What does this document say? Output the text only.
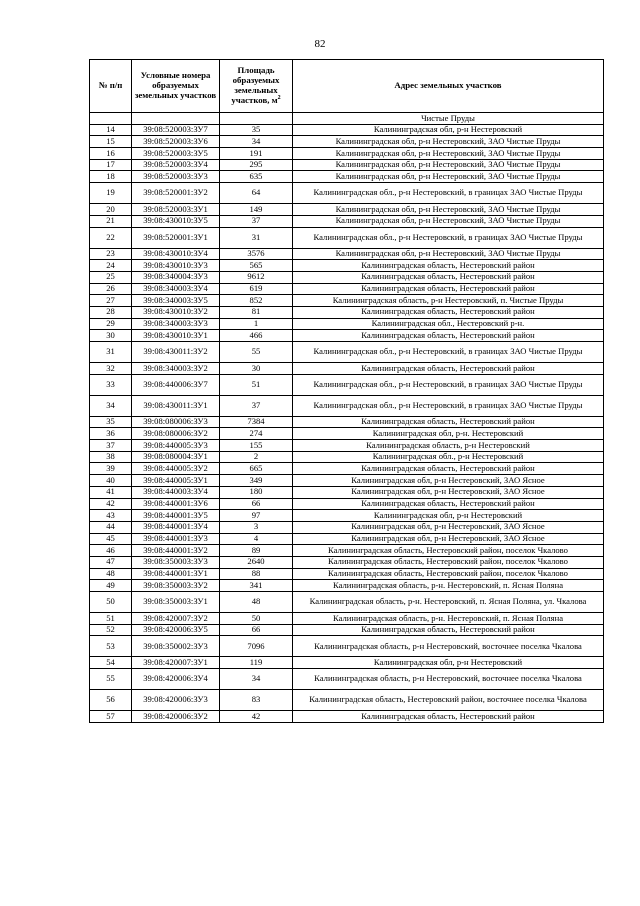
82
№ п/п	Условные номера образуемых земельных участков	Площадь образуемых земельных участков, $м^2$	Адрес земельных участков
			Чистые Пруды
14	39:08:520003:ЗУ7	35	Калининградская обл, р-н Нестеровский
15	39:08:520003:ЗУ6	34	Калининградская обл, р-н Нестеровский, ЗАО Чистые Пруды
16	39:08:520003:ЗУ5	191	Калининградская обл, р-н Нестеровский, ЗАО Чистые Пруды
17	39:08:520003:ЗУ4	295	Калининградская обл, р-н Нестеровский, ЗАО Чистые Пруды
18	39:08:520003:ЗУ3	635	Калининградская обл, р-н Нестеровский, ЗАО Чистые Пруды
19	39:08:520001:ЗУ2	64	Калининградская обл., р-н Нестеровский, в границах ЗАО Чистые Пруды
20	39:08:520003:ЗУ1	149	Калининградская обл, р-н Нестеровский, ЗАО Чистые Пруды
21	39:08:430010:ЗУ5	37	Калининградская обл, р-н Нестеровский, ЗАО Чистые Пруды
22	39:08:520001:ЗУ1	31	Калининградская обл., р-н Нестеровский, в границах ЗАО Чистые Пруды
23	39:08:430010:ЗУ4	3576	Калининградская обл, р-н Нестеровский, ЗАО Чистые Пруды
24	39:08:430010:ЗУ3	565	Калининградская область, Нестеровский район
25	39:08:340004:ЗУ3	9612	Калининградская область, Нестеровский район
26	39:08:340003:ЗУ4	619	Калининградская область, Нестеровский район
27	39:08:340003:ЗУ5	852	Калининградская область, р-н Нестеровский, п. Чистые Пруды
28	39:08:430010:ЗУ2	81	Калининградская область, Нестеровский район
29	39:08:340003:ЗУ3	1	Калининградская обл., Нестеровский р-н.
30	39:08:430010:ЗУ1	466	Калининградская область, Нестеровский район
31	39:08:430011:ЗУ2	55	Калининградская обл., р-н Нестеровский, в границах ЗАО Чистые Пруды
32	39:08:340003:ЗУ2	30	Калининградская область, Нестеровский район
33	39:08:440006:ЗУ7	51	Калининградская обл., р-н Нестеровский, в границах ЗАО Чистые Пруды
34	39:08:430011:ЗУ1	37	Калининградская обл., р-н Нестеровский, в границах ЗАО Чистые Пруды
35	39:08:080006:ЗУ3	7384	Калининградская область, Нестеровский район
36	39:08:080006:ЗУ2	274	Калининградская обл, р-н. Нестеровский
37	39:08:440005:ЗУ3	155	Калининградская область, р-н Нестеровский
38	39:08:080004:ЗУ1	2	Калининградская обл., р-н Нестеровский
39	39:08:440005:ЗУ2	665	Калининградская область, Нестеровский район
40	39:08:440005:ЗУ1	349	Калининградская обл, р-н Нестеровский, ЗАО Ясное
41	39:08:440003:ЗУ4	180	Калининградская обл, р-н Нестеровский, ЗАО Ясное
42	39:08:440001:ЗУ6	66	Калининградская область, Нестеровский район
43	39:08:440001:ЗУ5	97	Калининградская обл, р-н Нестеровский
44	39:08:440001:ЗУ4	3	Калининградская обл, р-н Нестеровский, ЗАО Ясное
45	39:08:440001:ЗУ3	4	Калининградская обл, р-н Нестеровский, ЗАО Ясное
46	39:08:440001:ЗУ2	89	Калининградская область, Нестеровский район, поселок Чкалово
47	39:08:350003:ЗУ3	2640	Калининградская область, Нестеровский район, поселок Чкалово
48	39:08:440001:ЗУ1	88	Калининградская область, Нестеровский район, поселок Чкалово
49	39:08:350003:ЗУ2	341	Калининградская область, р-н. Нестеровский, п. Ясная Поляна
50	39:08:350003:ЗУ1	48	Калининградская область, р-н. Нестеровский, п. Ясная Поляна, ул. Чкалова
51	39:08:420007:ЗУ2	50	Калининградская область, р-н. Нестеровский, п. Ясная Поляна
52	39:08:420006:ЗУ5	66	Калининградская область, Нестеровский район
53	39:08:350002:ЗУ3	7096	Калининградская область, р-н Нестеровский, восточнее поселка Чкалова
54	39:08:420007:ЗУ1	119	Калининградская обл, р-н Нестеровский
55	39:08:420006:ЗУ4	34	Калининградская область, р-н Нестеровский, восточнее поселка Чкалова
56	39:08:420006:ЗУ3	83	Калининградская область, Нестеровский район, восточнее поселка Чкалова
57	39:08:420006:ЗУ2	42	Калининградская область, Нестеровский район
